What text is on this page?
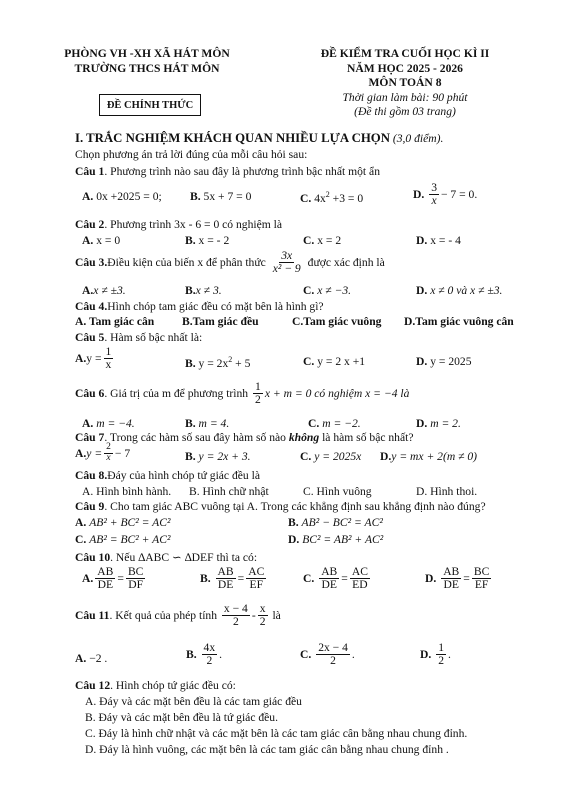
PHÒNG VH -XH XÃ HÁT MÔN
TRƯỜNG THCS HÁT MÔN
ĐỀ CHÍNH THỨC
ĐỀ KIỂM TRA CUỐI HỌC KÌ II
NĂM HỌC 2025 - 2026
MÔN TOÁN 8
Thời gian làm bài: 90 phút
(Đề thi gồm 03 trang)
I. TRẮC NGHIỆM KHÁCH QUAN NHIỀU LỰA CHỌN (3,0 điểm).
Chọn phương án trả lời đúng của mỗi câu hỏi sau:
Câu 1. Phương trình nào sau đây là phương trình bậc nhất một ẩn
A. 0x +2025 = 0; B. 5x + 7 = 0	C. $4x^2 +3 = 0$	D.
$\frac{3}{x} - 7 = 0$.
Câu 2. Phương trình 3x - 6 = 0 có nghiệm là
A. x = 0	B. x = - 2	C. x = 2	D. x = - 4
Câu 3. Điều kiện của biến x để phân thức
$\frac{3x}{\text{x² − 9}}$
được xác định là
A.x ≠ ±3.	B.x ≠ 3.	C. x ≠ −3.	D. x ≠ 0 và x ≠ ±3.
Câu 4.Hình chóp tam giác đều có mặt bên là hình gì?
A. Tam giác cân B.Tam giác đều	C.Tam giác vuông D.Tam giác vuông cân
Câu 5. Hàm số bậc nhất là:
A. $y = \frac{1}{x}$	B. $y = 2x^2 + 5$	C. y = 2 x +1	D. y = 2025
Câu 6 . Giá trị của m để phương trình
$\frac{1}{2}$ x + m = 0 có nghiệm x = −4 là
A. m = −4.	B. m = 4.	C. m = −2.	D. m = 2.
Câu 7. Trong các hàm số sau đây hàm số nào không là hàm số bậc nhất?
A. $y = \frac{2}{x} - 7$	B. y = 2x + 3.	C. y = 2025x D.y = mx + 2(m ≠ 0)
Câu 8.Đáy của hình chóp tứ giác đều là
A. Hình bình hành. B. Hình chữ nhật	C. Hình vuông	D. Hình thoi.
Câu 9. Cho tam giác ABC vuông tại A. Trong các khẳng định sau khẳng định nào đúng?
A. AB² + BC² = AC²	B. AB² − BC² = AC²
C. AB² = BC² + AC²	D. BC² = AB² + AC²
Câu 10. Nếu ∆ABC ∽ ∆DEF thì ta có:
A. $\frac{AB}{DE} = \frac{BC}{DF}$	B.
$\frac{AB}{DE} = \frac{AC}{EF}$	C.
$\frac{AB}{DE} = \frac{AC}{ED}$	D.
$\frac{AB}{DE} = \frac{BC}{EF}$
Câu 11 . Kết quả của phép tính
$\frac{x - 4}{2} - \frac{x}{2}$
là
A. −2 .	B.
$\frac{4x}{2}$ .	C.
$\frac{2x - 4}{2}$ .	D.
$\frac{1}{2}$ .
Câu 12. Hình chóp tứ giác đều có:
A. Đáy và các mặt bên đều là các tam giác đều
B. Đáy và các mặt bên đều là tứ giác đều.
C. Đáy là hình chữ nhật và các mặt bên là các tam giác cân bằng nhau chung đỉnh.
D. Đáy là hình vuông, các mặt bên là các tam giác cân bằng nhau chung đỉnh .
